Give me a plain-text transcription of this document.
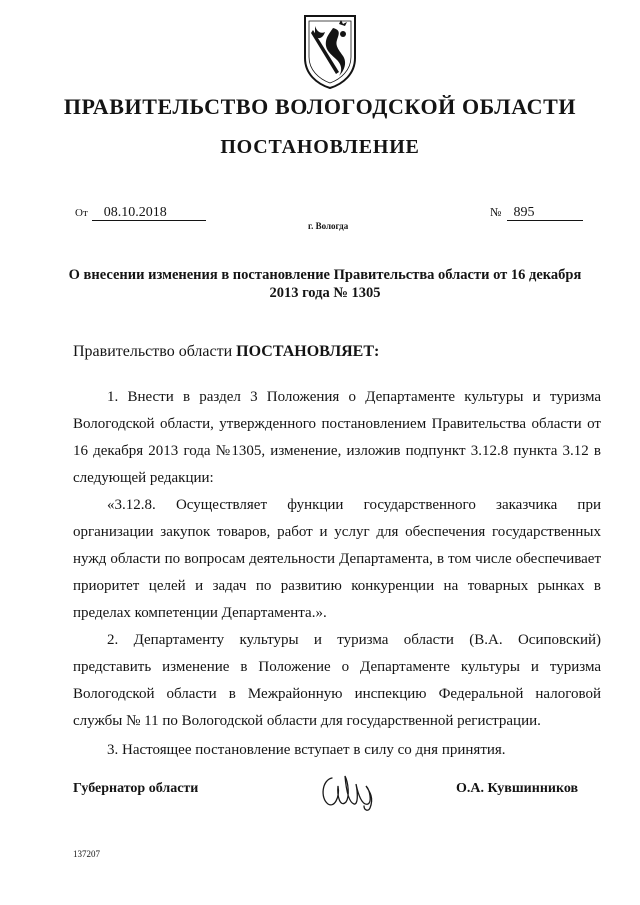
ПРАВИТЕЛЬСТВО ВОЛОГОДСКОЙ ОБЛАСТИ
ПОСТАНОВЛЕНИЕ
От 08.10.2018	№ 895
г. Вологда
О внесении изменения в постановление Правительства области от 16 декабря 2013 года № 1305
Правительство области ПОСТАНОВЛЯЕТ:

1. Внести в раздел 3 Положения о Департаменте культуры и туризма Вологодской области, утвержденного постановлением Правительства области от 16 декабря 2013 года №1305, изменение, изложив подпункт 3.12.8 пункта 3.12 в следующей редакции:

«3.12.8. Осуществляет функции государственного заказчика при организации закупок товаров, работ и услуг для обеспечения государственных нужд области по вопросам деятельности Департамента, в том числе обеспечивает приоритет целей и задач по развитию конкуренции на товарных рынках в пределах компетенции Департамента.».

2. Департаменту культуры и туризма области (В.А. Осиповский) представить изменение в Положение о Департаменте культуры и туризма Вологодской области в Межрайонную инспекцию Федеральной налоговой службы № 11 по Вологодской области для государственной регистрации.

3. Настоящее постановление вступает в силу со дня принятия.

Губернатор области	О.А. Кувшинников
137207
